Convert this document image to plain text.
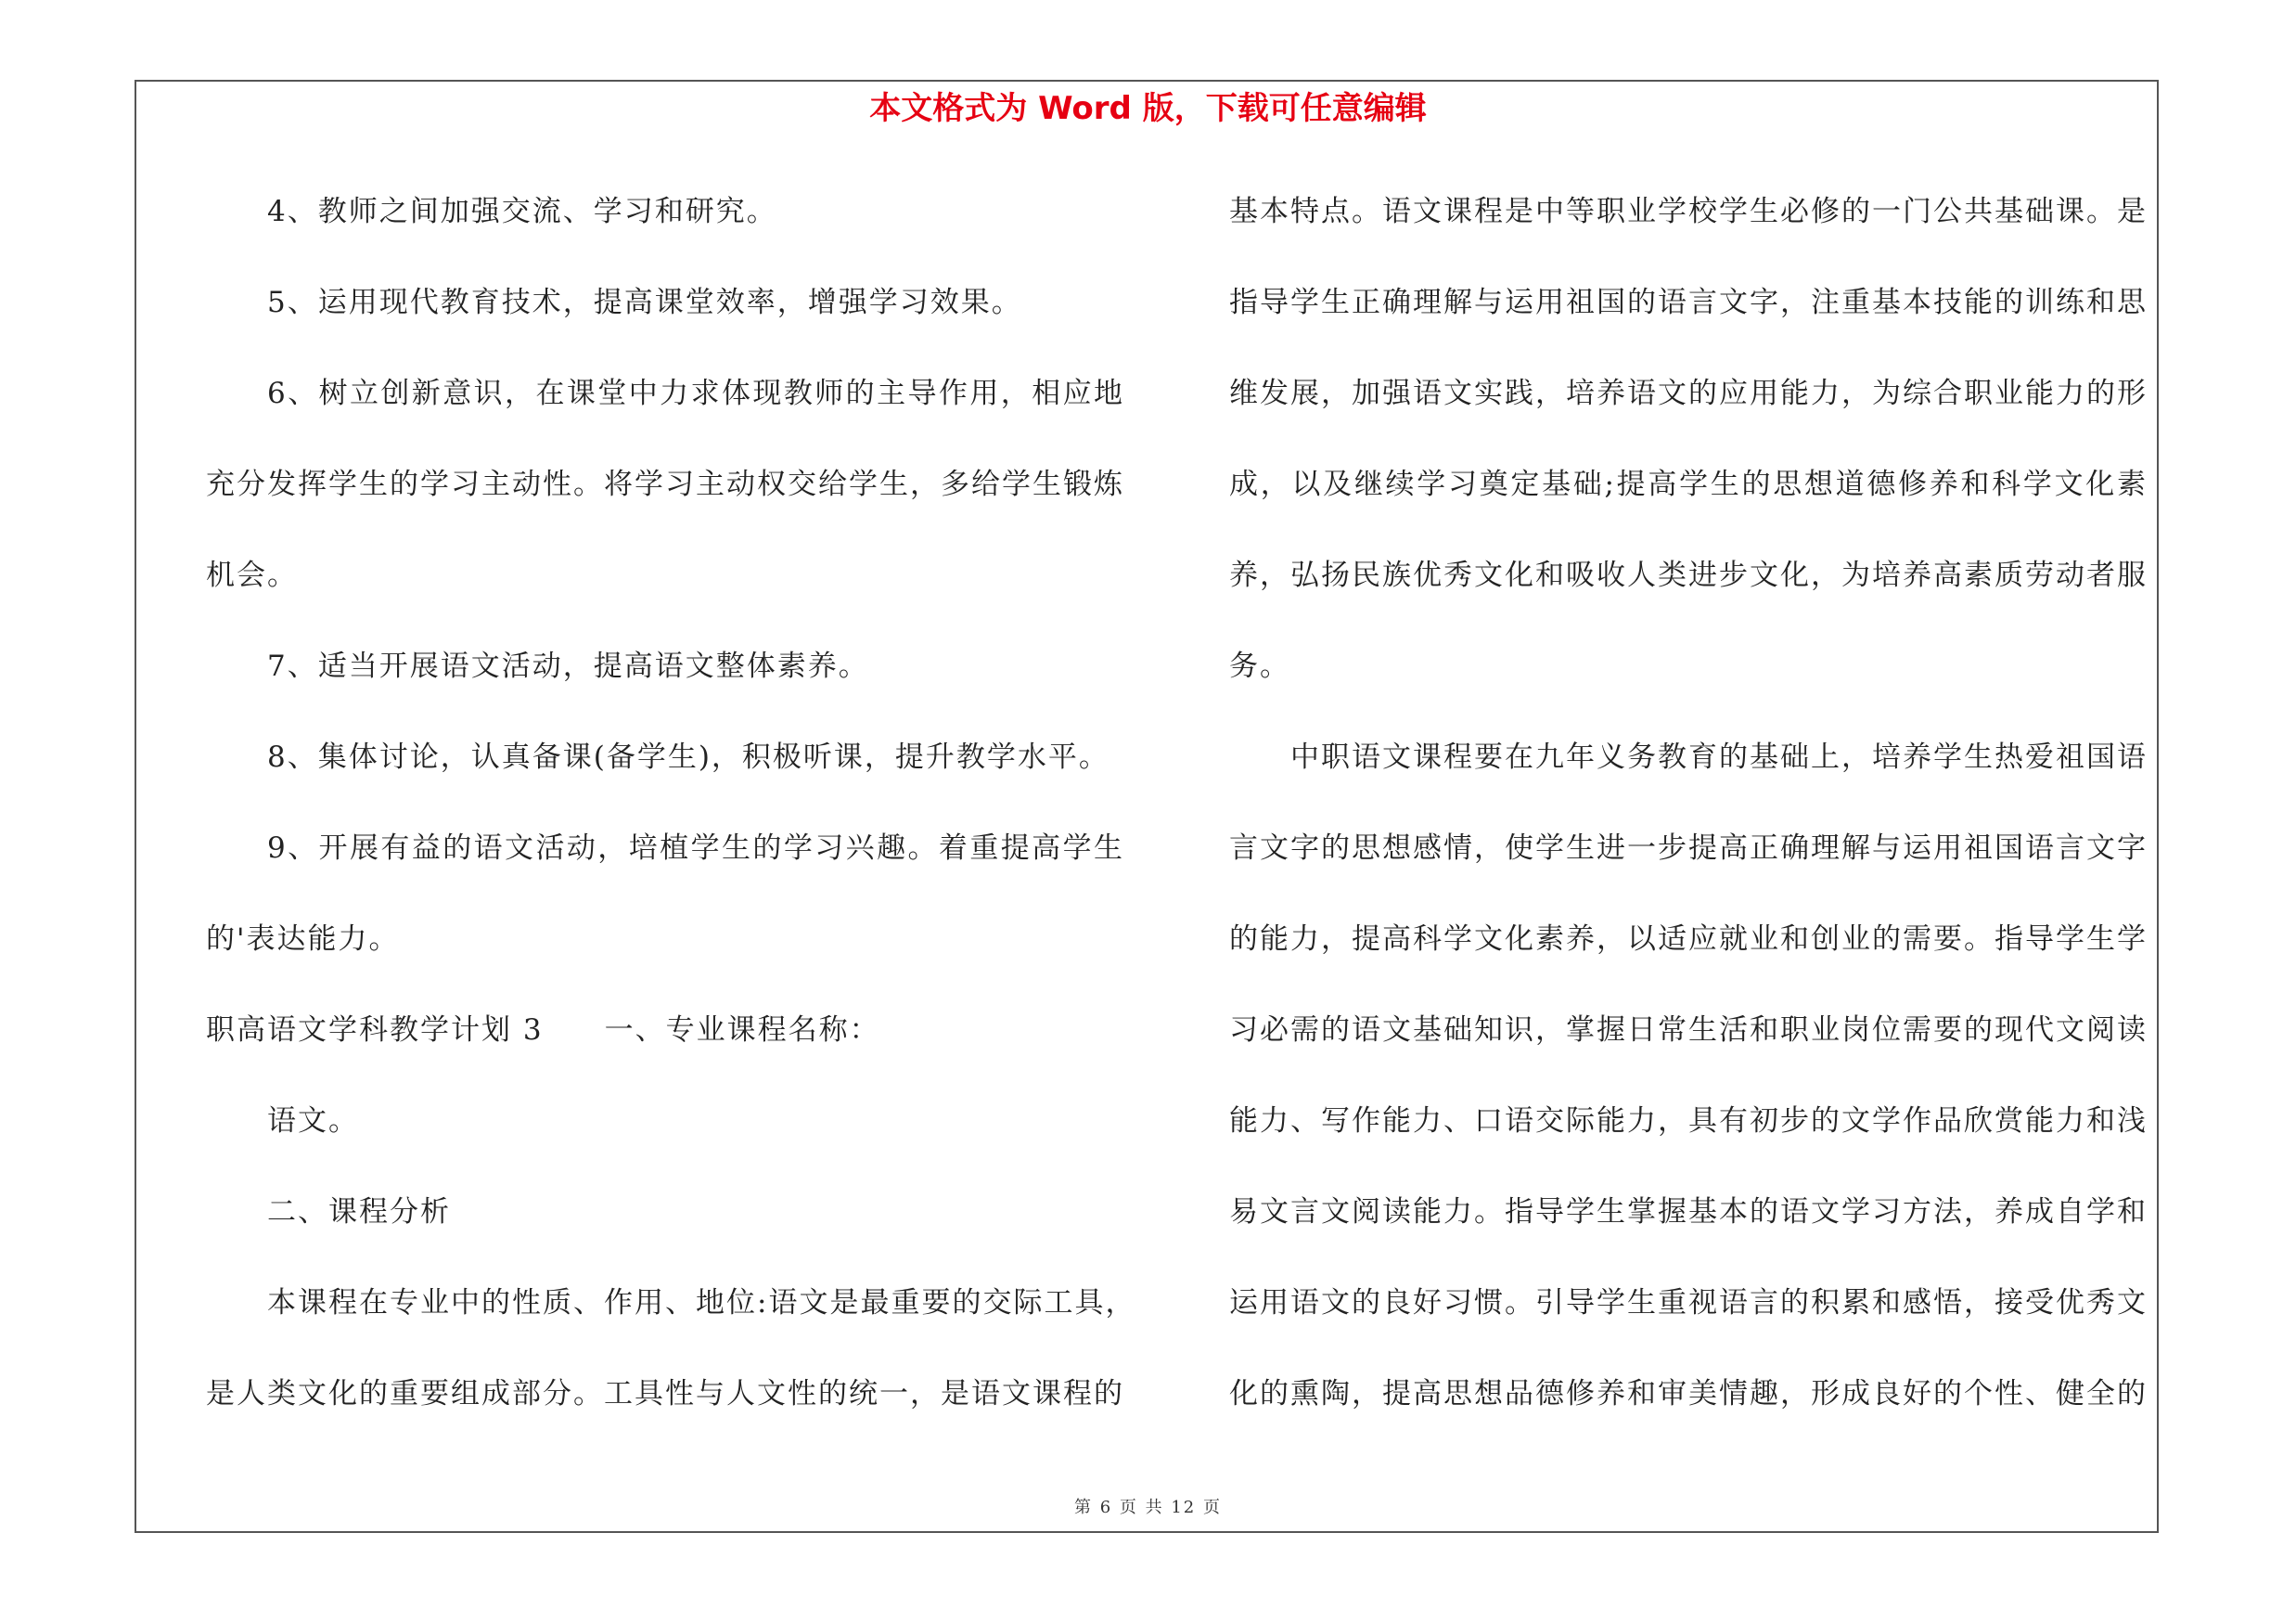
本文格式为 Word 版，下载可任意编辑
4、教师之间加强交流、学习和研究。
5、运用现代教育技术，提高课堂效率，增强学习效果。
6、树立创新意识，在课堂中力求体现教师的主导作用，相应地
充分发挥学生的学习主动性。将学习主动权交给学生，多给学生锻炼
机会。
7、适当开展语文活动，提高语文整体素养。
8、集体讨论，认真备课(备学生)，积极听课，提升教学水平。
9、开展有益的语文活动，培植学生的学习兴趣。着重提高学生
的'表达能力。
职高语文学科教学计划 3　　一、专业课程名称：
语文。
二、课程分析
本课程在专业中的性质、作用、地位:语文是最重要的交际工具，
是人类文化的重要组成部分。工具性与人文性的统一，是语文课程的
基本特点。语文课程是中等职业学校学生必修的一门公共基础课。是
指导学生正确理解与运用祖国的语言文字，注重基本技能的训练和思
维发展，加强语文实践，培养语文的应用能力，为综合职业能力的形
成，以及继续学习奠定基础;提高学生的思想道德修养和科学文化素
养，弘扬民族优秀文化和吸收人类进步文化，为培养高素质劳动者服
务。
中职语文课程要在九年义务教育的基础上，培养学生热爱祖国语
言文字的思想感情，使学生进一步提高正确理解与运用祖国语言文字
的能力，提高科学文化素养，以适应就业和创业的需要。指导学生学
习必需的语文基础知识，掌握日常生活和职业岗位需要的现代文阅读
能力、写作能力、口语交际能力，具有初步的文学作品欣赏能力和浅
易文言文阅读能力。指导学生掌握基本的语文学习方法，养成自学和
运用语文的良好习惯。引导学生重视语言的积累和感悟，接受优秀文
化的熏陶，提高思想品德修养和审美情趣，形成良好的个性、健全的
第 6 页 共 12 页
